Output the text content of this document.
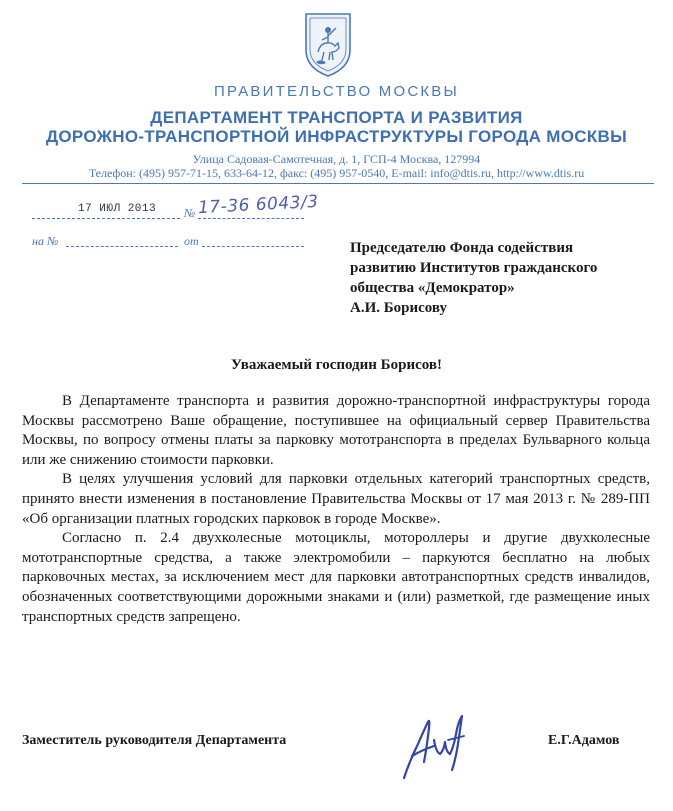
ПРАВИТЕЛЬСТВО МОСКВЫ
ДЕПАРТАМЕНТ ТРАНСПОРТА И РАЗВИТИЯ
ДОРОЖНО-ТРАНСПОРТНОЙ ИНФРАСТРУКТУРЫ ГОРОДА МОСКВЫ
Улица Садовая-Самотечная, д. 1, ГСП-4 Москва, 127994
Телефон: (495) 957-71-15, 633-64-12, факс: (495) 957-0540, E-mail: info@dtis.ru, http://www.dtis.ru
17 ИЮЛ 2013 № 17-36 6043/3
на №	от	Председателю Фонда содействия
развитию Институтов гражданского
общества «Демократор»
А.И. Борисову
Уважаемый господин Борисов!

В Департаменте транспорта и развития дорожно-транспортной инфраструктуры города Москвы рассмотрено Ваше обращение, поступившее на официальный сервер Правительства Москвы, по вопросу отмены платы за парковку мототранспорта в пределах Бульварного кольца или же снижению стоимости парковки.

В целях улучшения условий для парковки отдельных категорий транспортных средств, принято внести изменения в постановление Правительства Москвы от 17 мая 2013 г. № 289-ПП «Об организации платных городских парковок в городе Москве».

Согласно п. 2.4 двухколесные мотоциклы, мотороллеры и другие двухколесные мототранспортные средства, а также электромобили – паркуются бесплатно на любых парковочных местах, за исключением мест для парковки автотранспортных средств инвалидов, обозначенных соответствующими дорожными знаками и (или) разметкой, где размещение иных транспортных средств запрещено.

Заместитель руководителя Департамента	Е.Г.Адамов
